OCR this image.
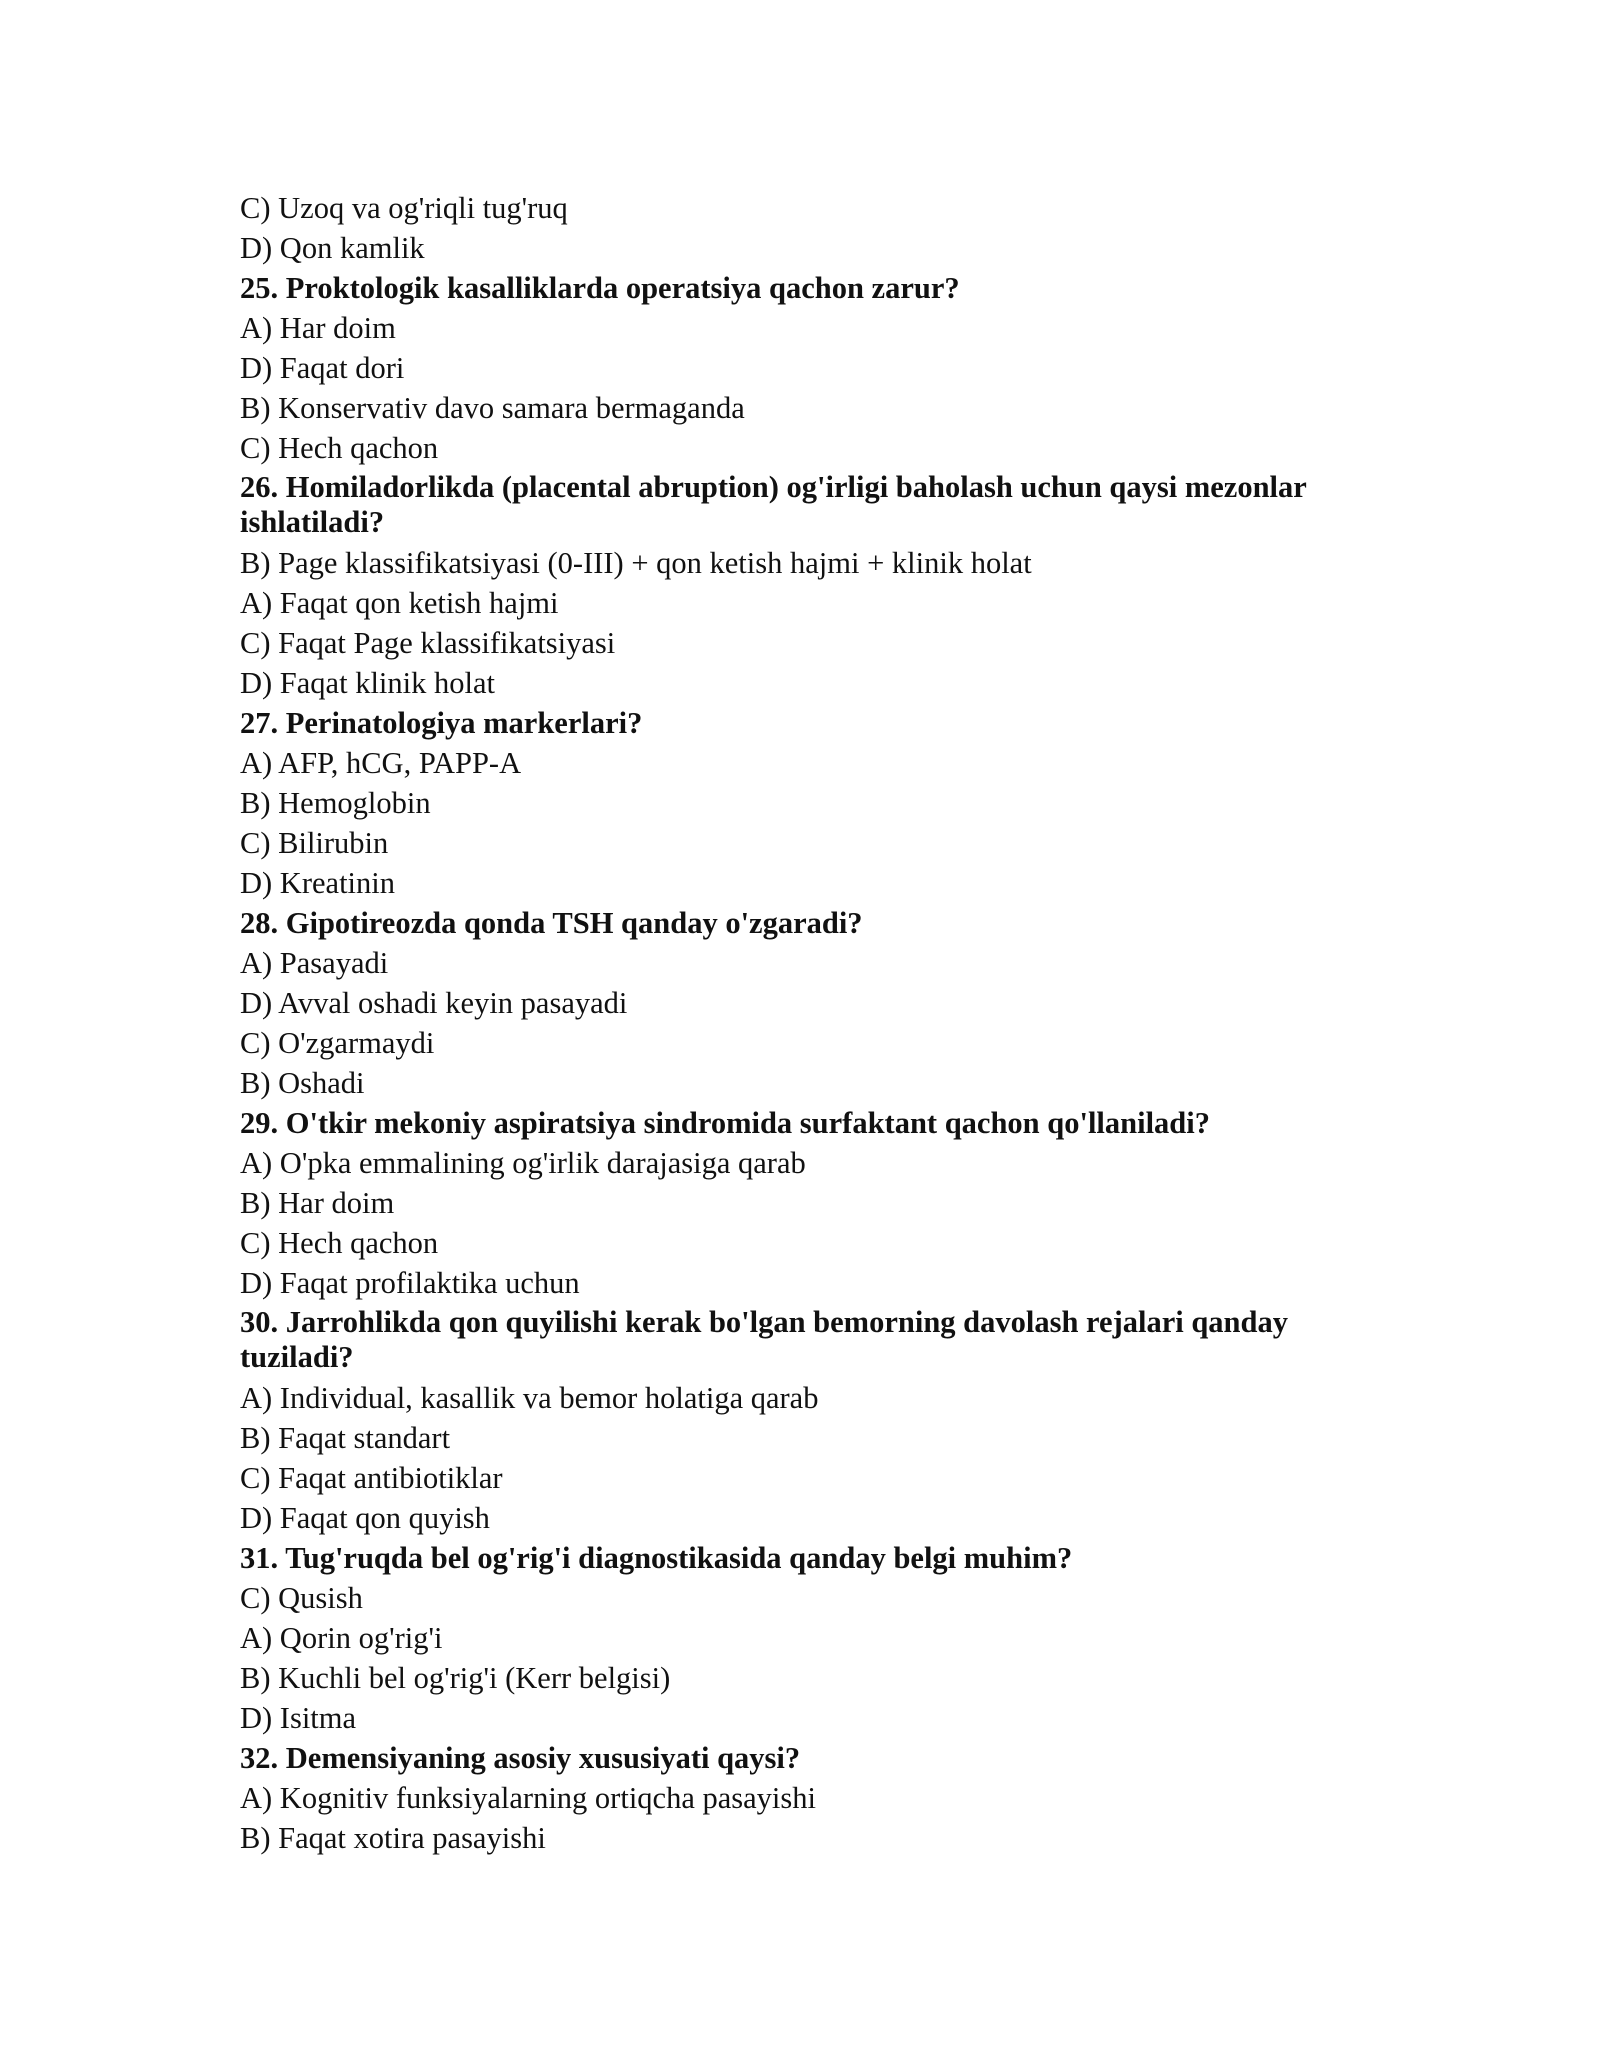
C) Uzoq va og'riqli tug'ruq
D) Qon kamlik
25. Proktologik kasalliklarda operatsiya qachon zarur?
A) Har doim
D) Faqat dori
B) Konservativ davo samara bermaganda
C) Hech qachon
26. Homiladorlikda (placental abruption) og'irligi baholash uchun qaysi mezonlar ishlatiladi?
B) Page klassifikatsiyasi (0-III) + qon ketish hajmi + klinik holat
A) Faqat qon ketish hajmi
C) Faqat Page klassifikatsiyasi
D) Faqat klinik holat
27. Perinatologiya markerlari?
A) AFP, hCG, PAPP-A
B) Hemoglobin
C) Bilirubin
D) Kreatinin
28. Gipotireozda qonda TSH qanday o'zgaradi?
A) Pasayadi
D) Avval oshadi keyin pasayadi
C) O'zgarmaydi
B) Oshadi
29. O'tkir mekoniy aspiratsiya sindromida surfaktant qachon qo'llaniladi?
A) O'pka emmalining og'irlik darajasiga qarab
B) Har doim
C) Hech qachon
D) Faqat profilaktika uchun
30. Jarrohlikda qon quyilishi kerak bo'lgan bemorning davolash rejalari qanday tuziladi?
A) Individual, kasallik va bemor holatiga qarab
B) Faqat standart
C) Faqat antibiotiklar
D) Faqat qon quyish
31. Tug'ruqda bel og'rig'i diagnostikasida qanday belgi muhim?
C) Qusish
A) Qorin og'rig'i
B) Kuchli bel og'rig'i (Kerr belgisi)
D) Isitma
32. Demensiyaning asosiy xususiyati qaysi?
A) Kognitiv funksiyalarning ortiqcha pasayishi
B) Faqat xotira pasayishi
